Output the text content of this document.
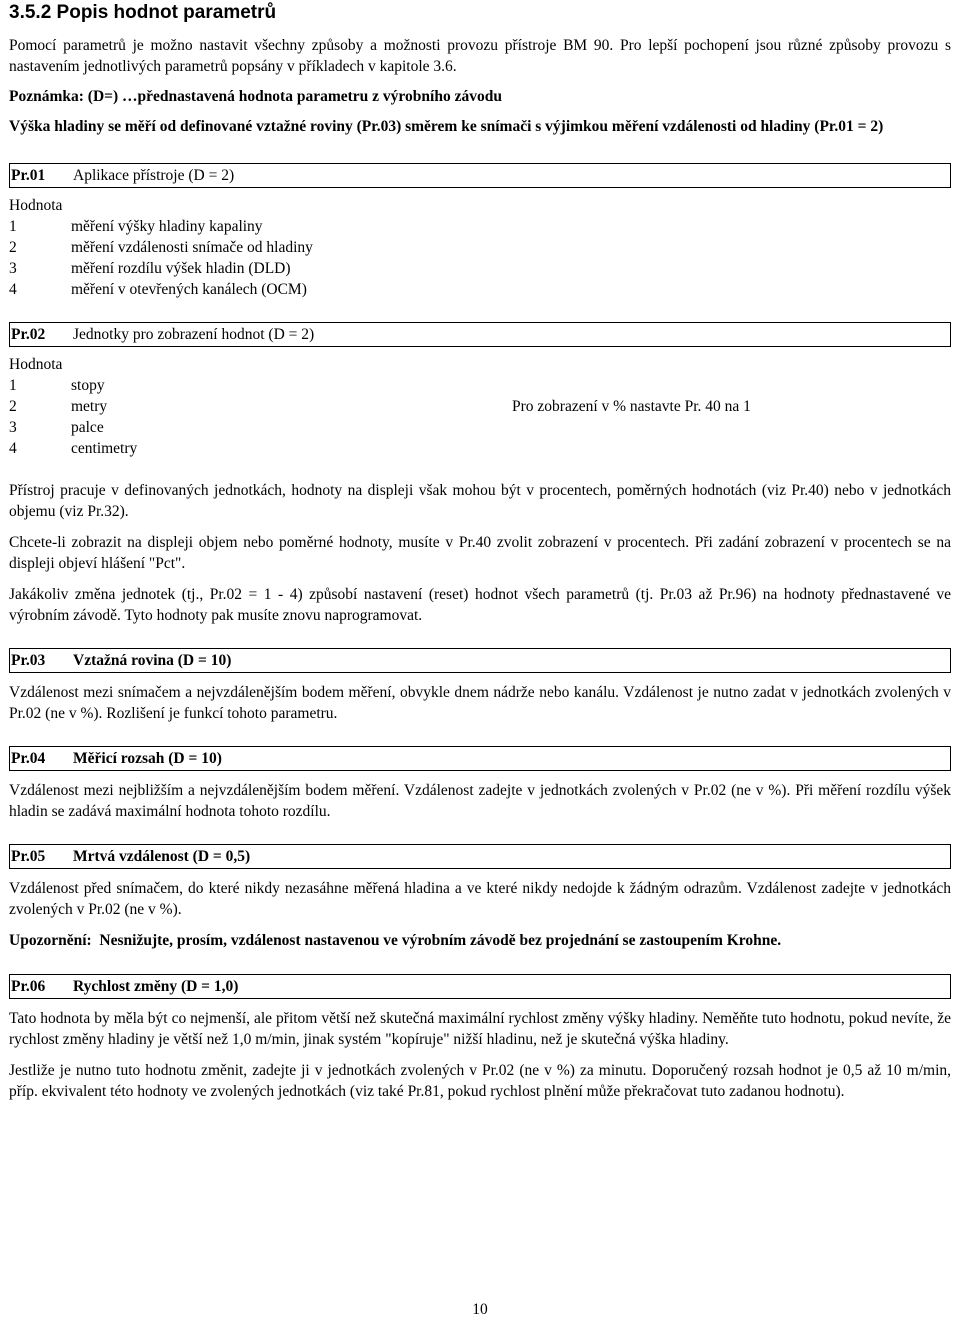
3.5.2 Popis hodnot parametrů

Pomocí parametrů je možno nastavit všechny způsoby a možnosti provozu přístroje BM 90. Pro lepší pochopení jsou různé způsoby provozu s nastavením jednotlivých parametrů popsány v příkladech v kapitole 3.6.

Poznámka: (D=) …přednastavená hodnota parametru z výrobního závodu

Výška hladiny se měří od definované vztažné roviny (Pr.03) směrem ke snímači s výjimkou měření vzdálenosti od hladiny (Pr.01 = 2)

Pr.01	Aplikace přístroje (D = 2)
Hodnota
1	měření výšky hladiny kapaliny
2	měření vzdálenosti snímače od hladiny
3	měření rozdílu výšek hladin (DLD)
4	měření v otevřených kanálech (OCM)
Pr.02	Jednotky pro zobrazení hodnot (D = 2)
Hodnota
1	stopy
2	metry	Pro zobrazení v % nastavte Pr. 40 na 1
3	palce
4	centimetry

Přístroj pracuje v definovaných jednotkách, hodnoty na displeji však mohou být v procentech, poměrných hodnotách (viz Pr.40) nebo v jednotkách objemu (viz Pr.32).

Chcete-li zobrazit na displeji objem nebo poměrné hodnoty, musíte v Pr.40 zvolit zobrazení v procentech. Při zadání zobrazení v procentech se na displeji objeví hlášení "Pct".

Jakákoliv změna jednotek (tj., Pr.02 = 1 - 4) způsobí nastavení (reset) hodnot všech parametrů (tj. Pr.03 až Pr.96) na hodnoty přednastavené ve výrobním závodě. Tyto hodnoty pak musíte znovu naprogramovat.

Pr.03	Vztažná rovina (D = 10)

Vzdálenost mezi snímačem a nejvzdálenějším bodem měření, obvykle dnem nádrže nebo kanálu. Vzdálenost je nutno zadat v jednotkách zvolených v Pr.02 (ne v %). Rozlišení je funkcí tohoto parametru.

Pr.04	Měřicí rozsah (D = 10)

Vzdálenost mezi nejbližším a nejvzdálenějším bodem měření. Vzdálenost zadejte v jednotkách zvolených v Pr.02 (ne v %). Při měření rozdílu výšek hladin se zadává maximální hodnota tohoto rozdílu.

Pr.05	Mrtvá vzdálenost (D = 0,5)

Vzdálenost před snímačem, do které nikdy nezasáhne měřená hladina a ve které nikdy nedojde k žádným odrazům. Vzdálenost zadejte v jednotkách zvolených v Pr.02 (ne v %).

Upozornění: Nesnižujte, prosím, vzdálenost nastavenou ve výrobním závodě bez projednání se zastoupením Krohne.

Pr.06	Rychlost změny (D = 1,0)

Tato hodnota by měla být co nejmenší, ale přitom větší než skutečná maximální rychlost změny výšky hladiny. Neměňte tuto hodnotu, pokud nevíte, že rychlost změny hladiny je větší než 1,0 m/min, jinak systém "kopíruje" nižší hladinu, než je skutečná výška hladiny.

Jestliže je nutno tuto hodnotu změnit, zadejte ji v jednotkách zvolených v Pr.02 (ne v %) za minutu. Doporučený rozsah hodnot je 0,5 až 10 m/min, příp. ekvivalent této hodnoty ve zvolených jednotkách (viz také Pr.81, pokud rychlost plnění může překračovat tuto zadanou hodnotu).

10
